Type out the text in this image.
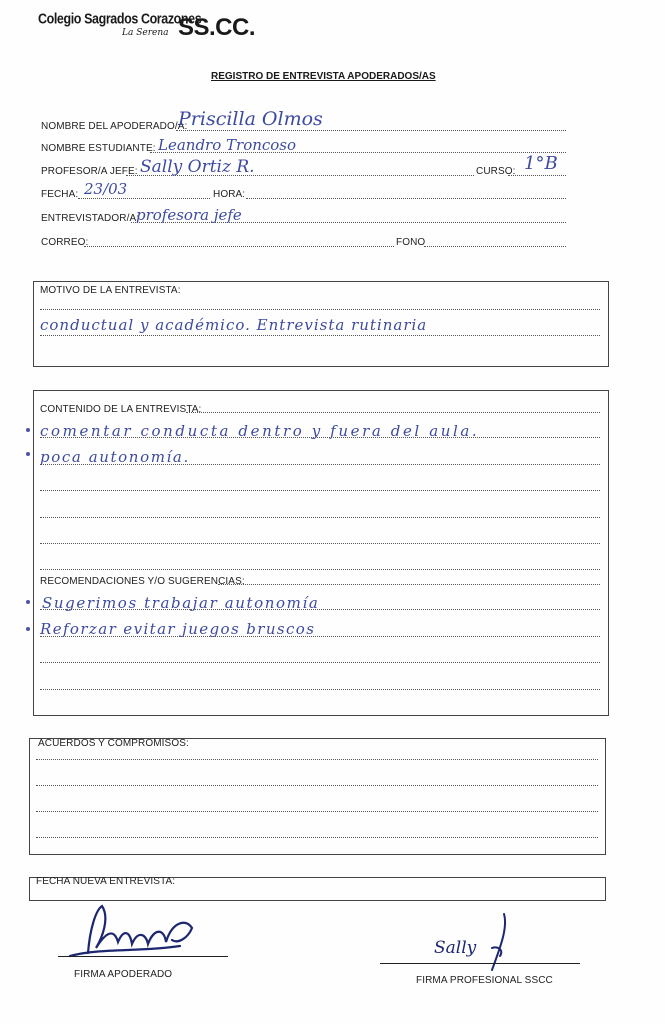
Colegio Sagrados Corazones
La Serena SS.CC.
REGISTRO DE ENTREVISTA APODERADOS/AS
NOMBRE DEL APODERADO/A:
Priscilla Olmos
NOMBRE ESTUDIANTE: Leandro Troncoso
PROFESOR/A JEFE: Sally Ortiz R.	CURSO: 1°B
FECHA: 23/03	HORA:
ENTREVISTADOR/A:
profesora jefe
CORREO:	FONO
MOTIVO DE LA ENTREVISTA:
conductual y académico. Entrevista rutinaria
CONTENIDO DE LA ENTREVISTA:
comentar conducta dentro y fuera del aula.
poca autonomía.
RECOMENDACIONES Y/O SUGERENCIAS:
Sugerimos trabajar autonomía
Reforzar evitar juegos bruscos
ACUERDOS Y COMPROMISOS:
FECHA NUEVA ENTREVISTA:
FIRMA APODERADO
Sally
FIRMA PROFESIONAL SSCC
